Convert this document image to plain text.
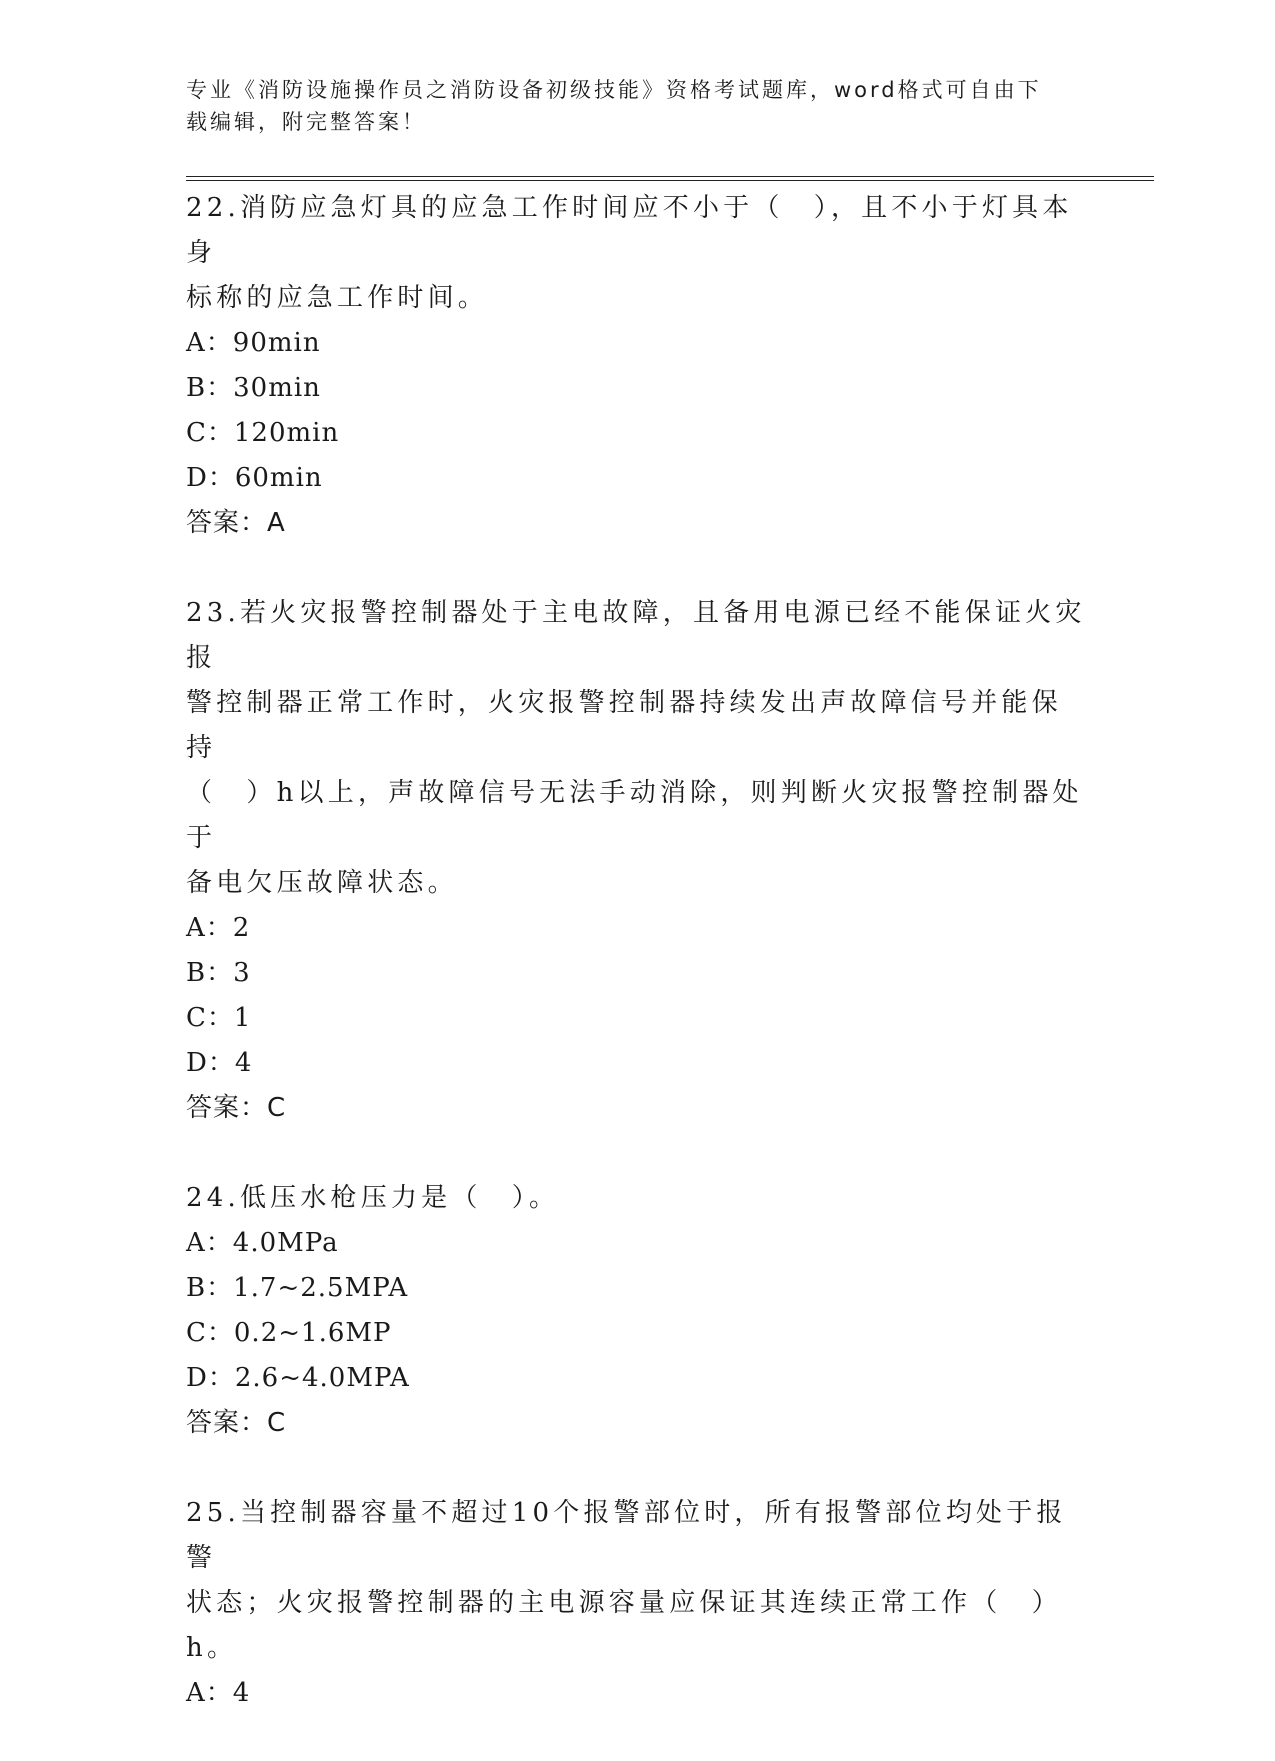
专业《消防设施操作员之消防设备初级技能》资格考试题库，word格式可自由下
载编辑，附完整答案！

22.消防应急灯具的应急工作时间应不小于（　），且不小于灯具本身

标称的应急工作时间。

A：90min

B：30min

C：120min

D：60min

答案：A

23.若火灾报警控制器处于主电故障，且备用电源已经不能保证火灾报

警控制器正常工作时，火灾报警控制器持续发出声故障信号并能保持

（　）h以上，声故障信号无法手动消除，则判断火灾报警控制器处于

备电欠压故障状态。

A：2

B：3

C：1

D：4

答案：C

24.低压水枪压力是（　）。

A：4.0MPa

B：1.7~2.5MPA

C：0.2~1.6MP

D：2.6~4.0MPA

答案：C

25.当控制器容量不超过10个报警部位时，所有报警部位均处于报警

状态；火灾报警控制器的主电源容量应保证其连续正常工作（　）h。

A：4
